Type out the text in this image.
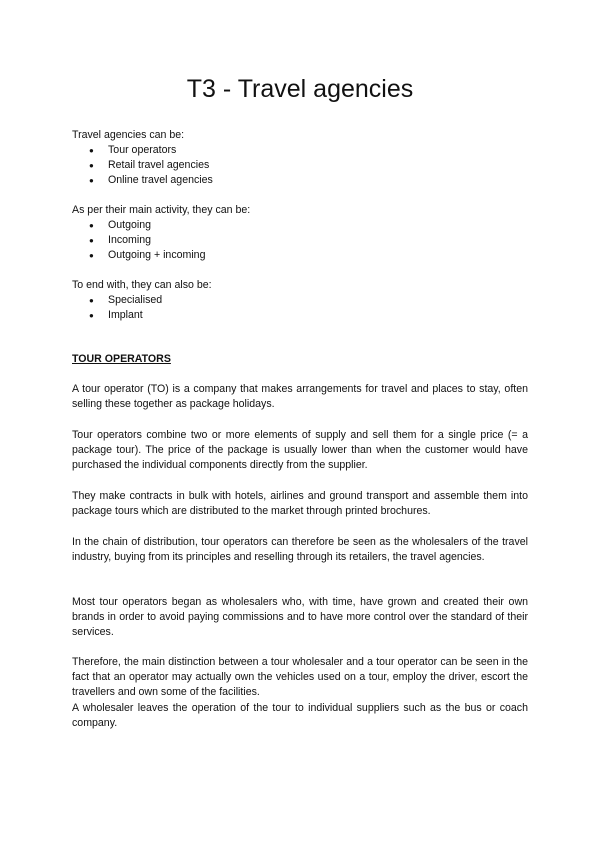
T3 - Travel agencies

Travel agencies can be:

● Tour operators
● Retail travel agencies
● Online travel agencies

As per their main activity, they can be:

● Outgoing
● Incoming
● Outgoing + incoming

To end with, they can also be:

● Specialised
● Implant
TOUR OPERATORS

A tour operator (TO) is a company that makes arrangements for travel and places to stay, often selling these together as package holidays.

Tour operators combine two or more elements of supply and sell them for a single price (= a package tour). The price of the package is usually lower than when the customer would have purchased the individual components directly from the supplier.

They make contracts in bulk with hotels, airlines and ground transport and assemble them into package tours which are distributed to the market through printed brochures.

In the chain of distribution, tour operators can therefore be seen as the wholesalers of the travel industry, buying from its principles and reselling through its retailers, the travel agencies.

Most tour operators began as wholesalers who, with time, have grown and created their own brands in order to avoid paying commissions and to have more control over the standard of their services.

Therefore, the main distinction between a tour wholesaler and a tour operator can be seen in the fact that an operator may actually own the vehicles used on a tour, employ the driver, escort the travellers and own some of the facilities.

A wholesaler leaves the operation of the tour to individual suppliers such as the bus or coach company.
